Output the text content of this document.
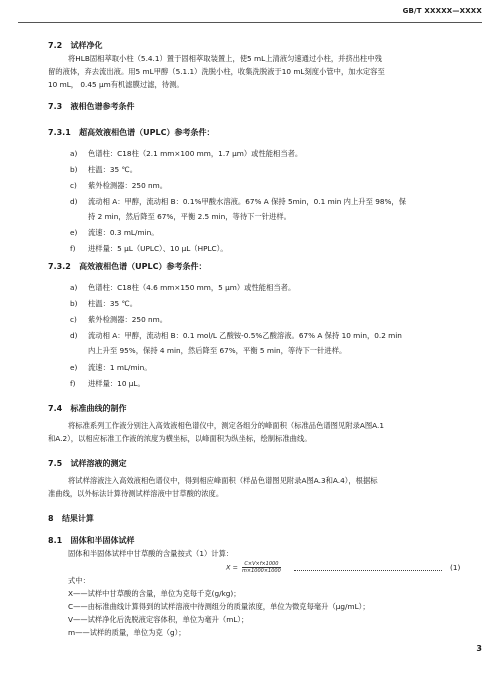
GB/T XXXXX—XXXX
7.2 试样净化
将HLB固相萃取小柱（5.4.1）置于固相萃取装置上，使5 mL上清液匀速通过小柱，并挤出柱中残
留的液体，弃去流出液。用5 mL甲醇（5.1.1）洗脱小柱，收集洗脱液于10 mL刻度小管中，加水定容至
10 mL， 0.45 μm有机滤膜过滤，待测。
7.3 液相色谱参考条件
7.3.1 超高效液相色谱（UPLC）参考条件：
a) 色谱柱：C18柱（2.1 mm×100 mm，1.7 μm）或性能相当者。
b) 柱温：35 ℃。
c) 紫外检测器：250 nm。
d) 流动相 A：甲醇，流动相 B：0.1%甲酸水溶液。67% A 保持 5min，0.1 min 内上升至 98%，保
持 2 min，然后降至 67%，平衡 2.5 min，等待下一针进样。
e) 流速：0.3 mL/min。
f) 进样量：5 μL（UPLC）、10 μL（HPLC）。
7.3.2 高效液相色谱（UPLC）参考条件：
a) 色谱柱：C18柱（4.6 mm×150 mm，5 μm）或性能相当者。
b) 柱温：35 ℃。
c) 紫外检测器：250 nm。
d) 流动相 A：甲醇，流动相 B：0.1 mol/L 乙酸铵-0.5%乙酸溶液。67% A 保持 10 min，0.2 min
内上升至 95%，保持 4 min，然后降至 67%，平衡 5 min，等待下一针进样。
e) 流速：1 mL/min。
f) 进样量：10 μL。
7.4 标准曲线的制作
将标准系列工作液分别注入高效液相色谱仪中，测定各组分的峰面积（标准品色谱图见附录A图A.1
和A.2），以相应标准工作液的浓度为横坐标，以峰面积为纵坐标，绘制标准曲线。
7.5 试样溶液的测定
将试样溶液注入高效液相色谱仪中，得到相应峰面积（样品色谱图见附录A图A.3和A.4），根据标
准曲线，以外标法计算待测试样溶液中甘草酸的浓度。
8 结果计算
8.1 固体和半固体试样
固体和半固体试样中甘草酸的含量按式（1）计算：
$X = \frac{C\times V\times f\times 1000}{m\times 1000\times 1000}$	(1)
式中：
X——试样中甘草酸的含量，单位为克每千克(g/kg)；
C——由标准曲线计算得到的试样溶液中待测组分的质量浓度，单位为微克每毫升（μg/mL）；
V——试样净化后洗脱液定容体积，单位为毫升（mL）；
m——试样的质量，单位为克（g）；
3
